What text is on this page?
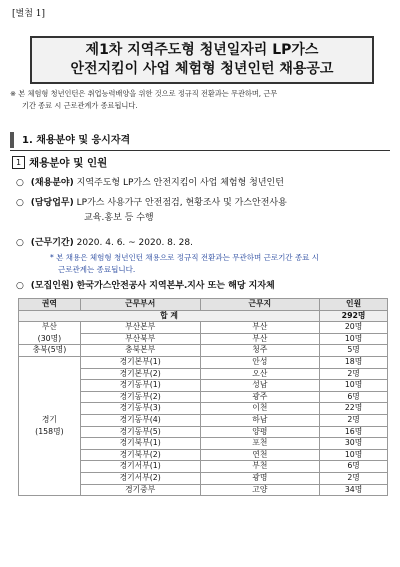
[별첨 1]
제1차 지역주도형 청년일자리 LP가스
안전지킴이 사업 체험형 청년인턴 채용공고
※ 본 체험형 청년인턴은 취업능력배양을 위한 것으로 정규직 전환과는 무관하며, 근무
기간 종료 시 근로관계가 종료됩니다.
1. 채용분야 및 응시자격
1 채용분야 및 인원
○ (채용분야) 지역주도형 LP가스 안전지킴이 사업 체험형 청년인턴
○ (담당업무) LP가스 사용가구 안전점검, 현황조사 및 가스안전사용
교육․홍보 등 수행
○ (근무기간) 2020. 4. 6. ~ 2020. 8. 28.
* 본 채용은 체험형 청년인턴 채용으로 정규직 전환과는 무관하며 근로기간 종료 시
근로관계는 종료됩니다.
○ (모집인원) 한국가스안전공사 지역본부․지사 또는 해당 지자체
권역	근무부서	근무지	인원
합 계			292명
부산	부산본부	부산	20명
(30명)	부산북부	부산	10명
충북(5명)	충북본부	청주	5명
	경기본부(1)	안성	18명
	경기본부(2)	오산	2명
	경기동부(1)	성남	10명
	경기동부(2)	광주	6명
	경기동부(3)	이천	22명
경기	경기동부(4)	하남	2명
(158명)	경기동부(5)	양평	16명
	경기북부(1)	포천	30명
	경기북부(2)	연천	10명
	경기서부(1)	부천	6명
	경기서부(2)	광명	2명
	경기중부	고양	34명
